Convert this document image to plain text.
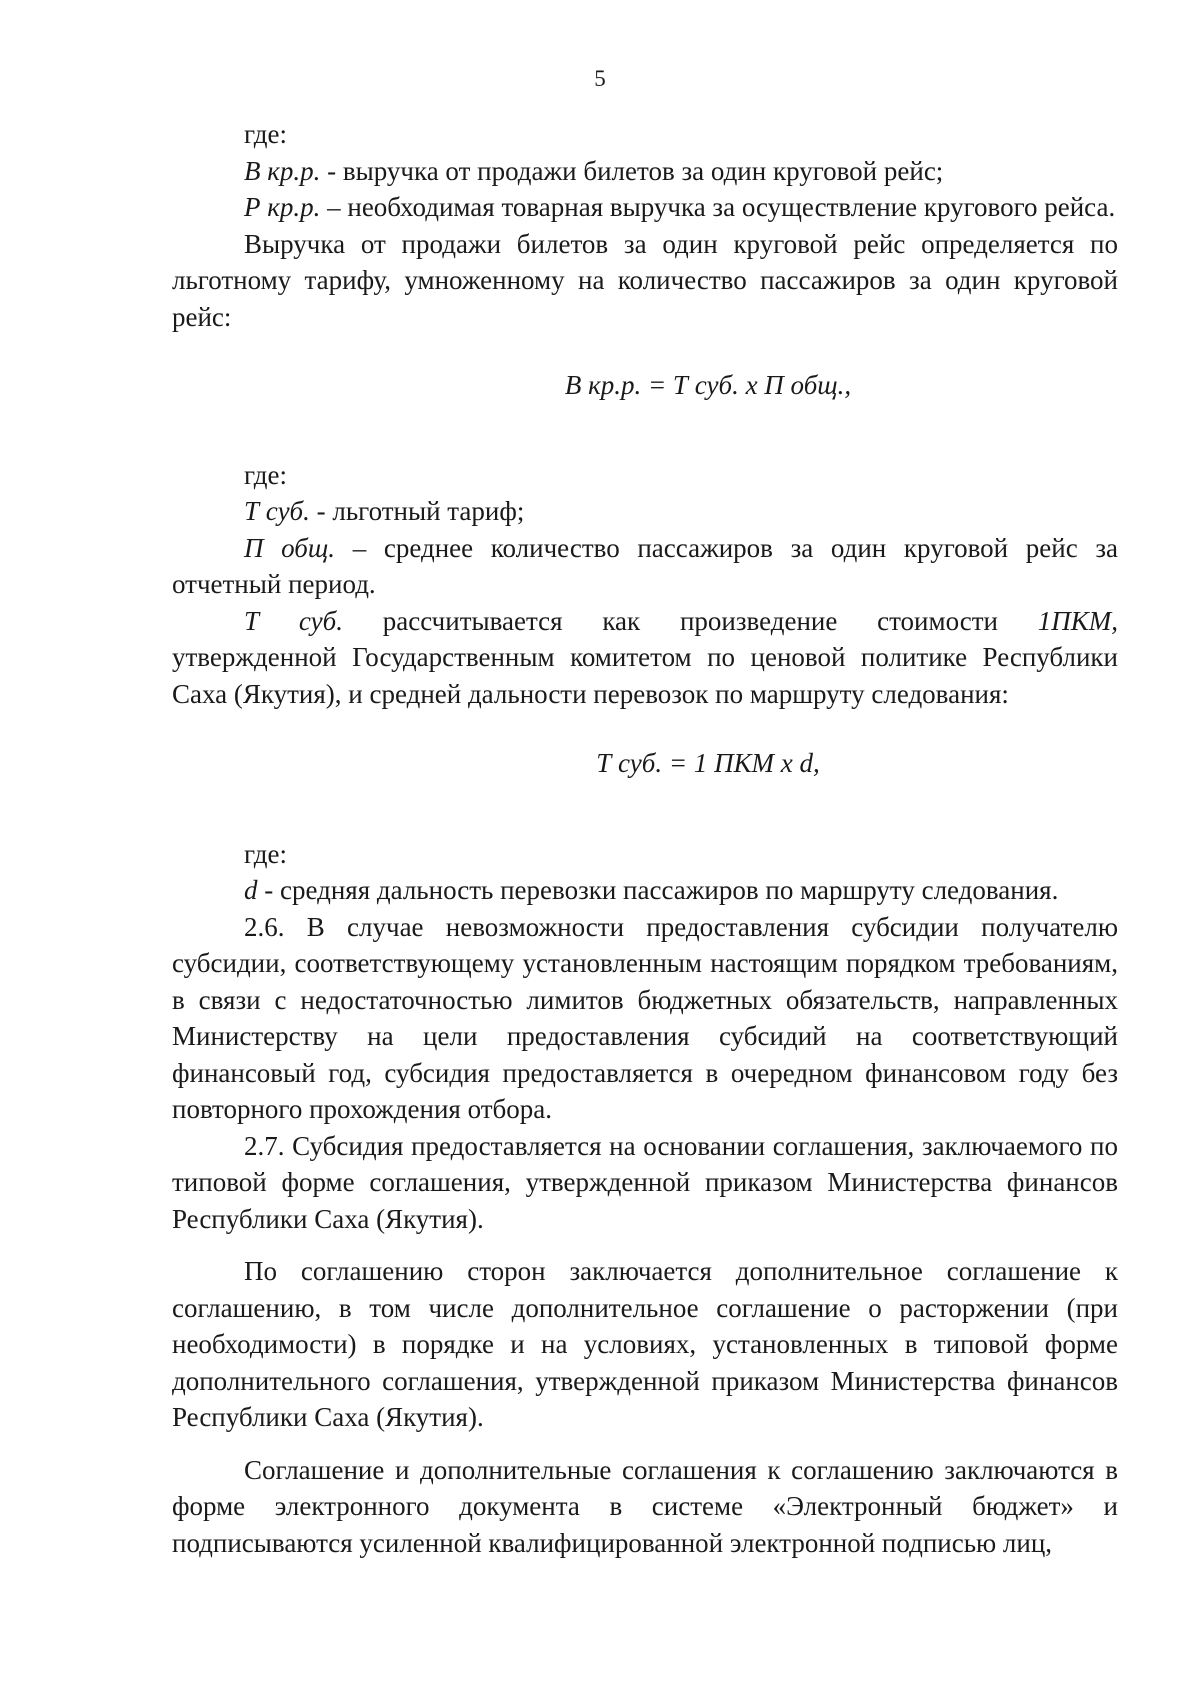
5

где:

В кр.р. - выручка от продажи билетов за один круговой рейс;

Р кр.р. – необходимая товарная выручка за осуществление кругового рейса.

Выручка от продажи билетов за один круговой рейс определяется по льготному тарифу, умноженному на количество пассажиров за один круговой рейс:

В кр.р. = Т суб. х П общ.,

где:

Т суб. - льготный тариф;

П общ. – среднее количество пассажиров за один круговой рейс за отчетный период.

Т суб. рассчитывается как произведение стоимости 1ПКМ,

утвержденной Государственным комитетом по ценовой политике Республики Саха (Якутия), и средней дальности перевозок по маршруту следования:

Т суб. = 1 ПКМ х d,

где:

d - средняя дальность перевозки пассажиров по маршруту следования.

2.6. В случае невозможности предоставления субсидии получателю субсидии, соответствующему установленным настоящим порядком требованиям, в связи с недостаточностью лимитов бюджетных обязательств, направленных Министерству на цели предоставления субсидий на соответствующий финансовый год, субсидия предоставляется в очередном финансовом году без повторного прохождения отбора.

2.7. Субсидия предоставляется на основании соглашения, заключаемого по типовой форме соглашения, утвержденной приказом Министерства финансов Республики Саха (Якутия).

По соглашению сторон заключается дополнительное соглашение к соглашению, в том числе дополнительное соглашение о расторжении (при необходимости) в порядке и на условиях, установленных в типовой форме дополнительного соглашения, утвержденной приказом Министерства финансов Республики Саха (Якутия).

Соглашение и дополнительные соглашения к соглашению заключаются в форме электронного документа в системе «Электронный бюджет» и подписываются усиленной квалифицированной электронной подписью лиц,
